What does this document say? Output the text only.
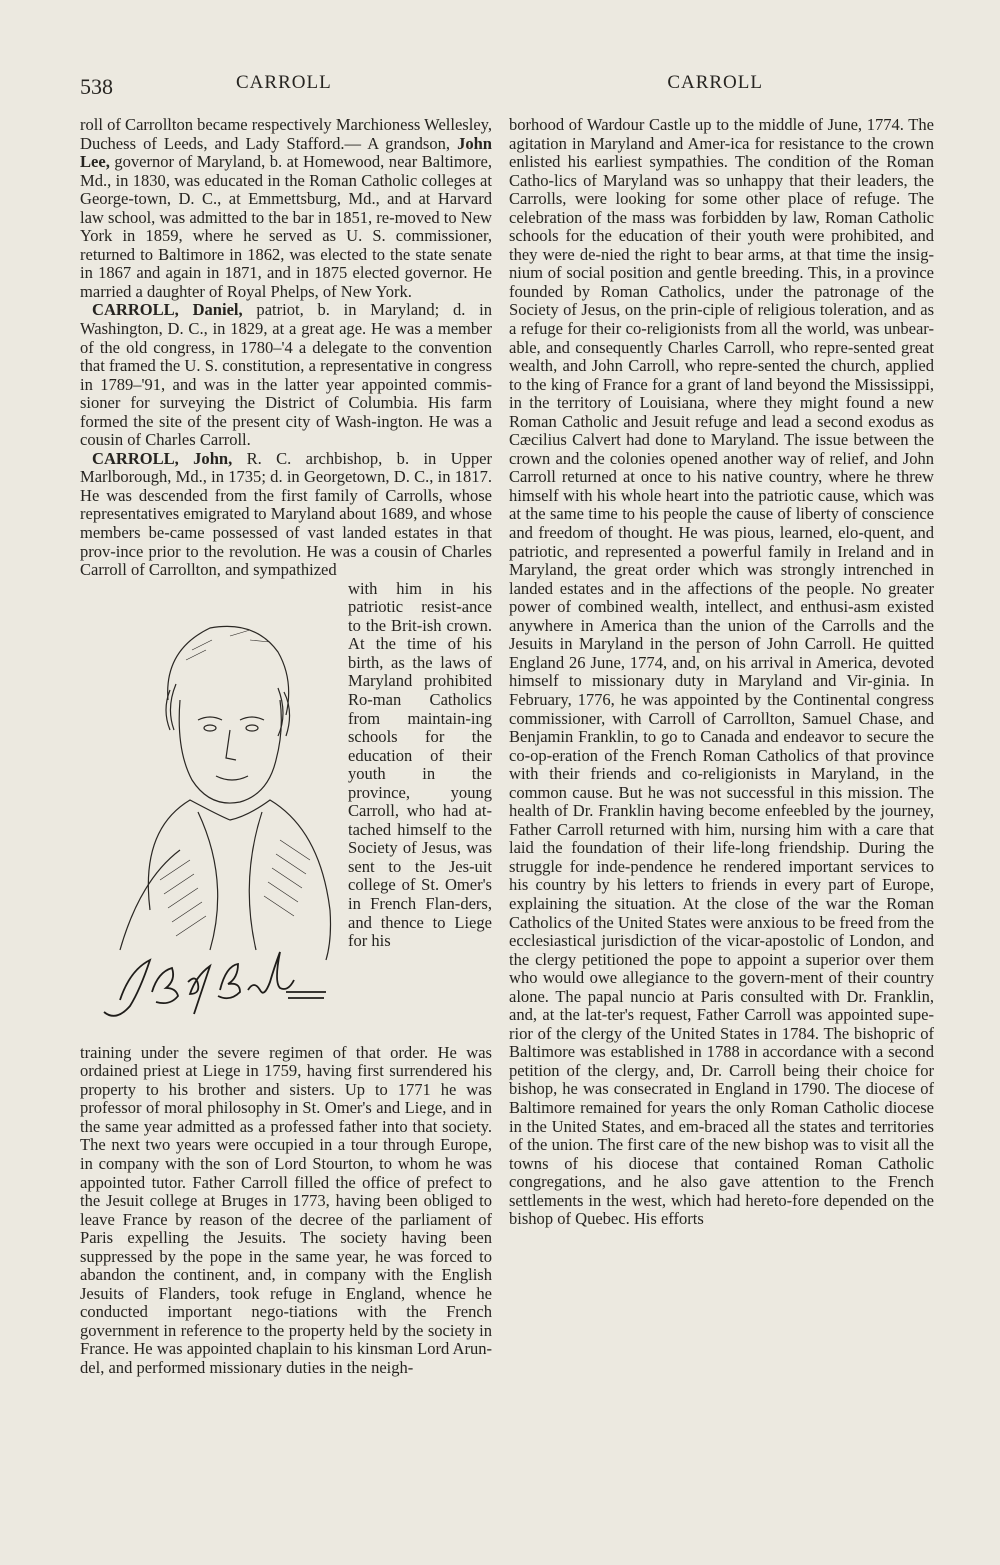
538	CARROLL	CARROLL

roll of Carrollton became respectively Marchioness Wellesley, Duchess of Leeds, and Lady Stafford.— A grandson, John Lee, governor of Maryland, b. at Homewood, near Baltimore, Md., in 1830, was educated in the Roman Catholic colleges at George-town, D. C., at Emmettsburg, Md., and at Harvard law school, was admitted to the bar in 1851, re-moved to New York in 1859, where he served as U. S. commissioner, returned to Baltimore in 1862, was elected to the state senate in 1867 and again in 1871, and in 1875 elected governor. He married a daughter of Royal Phelps, of New York.

CARROLL, Daniel, patriot, b. in Maryland; d. in Washington, D. C., in 1829, at a great age. He was a member of the old congress, in 1780–'4 a delegate to the convention that framed the U. S. constitution, a representative in congress in 1789–'91, and was in the latter year appointed commis-sioner for surveying the District of Columbia. His farm formed the site of the present city of Wash-ington. He was a cousin of Charles Carroll.

CARROLL, John, R. C. archbishop, b. in Upper Marlborough, Md., in 1735; d. in Georgetown, D. C., in 1817. He was descended from the first family of Carrolls, whose representatives emigrated to Maryland about 1689, and whose members be-came possessed of vast landed estates in that prov-ince prior to the revolution. He was a cousin of Charles Carroll of Carrollton, and sympathized

with him in his patriotic resist-ance to the Brit-ish crown. At the time of his birth, as the laws of Maryland prohibited Ro-man Catholics from maintain-ing schools for the education of their youth in the province, young Carroll, who had at-tached himself to the Society of Jesus, was sent to the Jes-uit college of St. Omer's in French Flan-ders, and thence to Liege for his

training under the severe regimen of that order. He was ordained priest at Liege in 1759, having first surrendered his property to his brother and sisters. Up to 1771 he was professor of moral philosophy in St. Omer's and Liege, and in the same year admitted as a professed father into that society. The next two years were occupied in a tour through Europe, in company with the son of Lord Stourton, to whom he was appointed tutor. Father Carroll filled the office of prefect to the Jesuit college at Bruges in 1773, having been obliged to leave France by reason of the decree of the parliament of Paris expelling the Jesuits. The society having been suppressed by the pope in the same year, he was forced to abandon the continent, and, in company with the English Jesuits of Flanders, took refuge in England, whence he conducted important nego-tiations with the French government in reference to the property held by the society in France. He was appointed chaplain to his kinsman Lord Arun-del, and performed missionary duties in the neigh-

borhood of Wardour Castle up to the middle of June, 1774. The agitation in Maryland and Amer-ica for resistance to the crown enlisted his earliest sympathies. The condition of the Roman Catho-lics of Maryland was so unhappy that their leaders, the Carrolls, were looking for some other place of refuge. The celebration of the mass was forbidden by law, Roman Catholic schools for the education of their youth were prohibited, and they were de-nied the right to bear arms, at that time the insig-nium of social position and gentle breeding. This, in a province founded by Roman Catholics, under the patronage of the Society of Jesus, on the prin-ciple of religious toleration, and as a refuge for their co-religionists from all the world, was unbear-able, and consequently Charles Carroll, who repre-sented great wealth, and John Carroll, who repre-sented the church, applied to the king of France for a grant of land beyond the Mississippi, in the territory of Louisiana, where they might found a new Roman Catholic and Jesuit refuge and lead a second exodus as Cæcilius Calvert had done to Maryland. The issue between the crown and the colonies opened another way of relief, and John Carroll returned at once to his native country, where he threw himself with his whole heart into the patriotic cause, which was at the same time to his people the cause of liberty of conscience and freedom of thought. He was pious, learned, elo-quent, and patriotic, and represented a powerful family in Ireland and in Maryland, the great order which was strongly intrenched in landed estates and in the affections of the people. No greater power of combined wealth, intellect, and enthusi-asm existed anywhere in America than the union of the Carrolls and the Jesuits in Maryland in the person of John Carroll. He quitted England 26 June, 1774, and, on his arrival in America, devoted himself to missionary duty in Maryland and Vir-ginia. In February, 1776, he was appointed by the Continental congress commissioner, with Carroll of Carrollton, Samuel Chase, and Benjamin Franklin, to go to Canada and endeavor to secure the co-op-eration of the French Roman Catholics of that province with their friends and co-religionists in Maryland, in the common cause. But he was not successful in this mission. The health of Dr. Franklin having become enfeebled by the journey, Father Carroll returned with him, nursing him with a care that laid the foundation of their life-long friendship. During the struggle for inde-pendence he rendered important services to his country by his letters to friends in every part of Europe, explaining the situation. At the close of the war the Roman Catholics of the United States were anxious to be freed from the ecclesiastical jurisdiction of the vicar-apostolic of London, and the clergy petitioned the pope to appoint a superior over them who would owe allegiance to the govern-ment of their country alone. The papal nuncio at Paris consulted with Dr. Franklin, and, at the lat-ter's request, Father Carroll was appointed supe-rior of the clergy of the United States in 1784. The bishopric of Baltimore was established in 1788 in accordance with a second petition of the clergy, and, Dr. Carroll being their choice for bishop, he was consecrated in England in 1790. The diocese of Baltimore remained for years the only Roman Catholic diocese in the United States, and em-braced all the states and territories of the union. The first care of the new bishop was to visit all the towns of his diocese that contained Roman Catholic congregations, and he also gave attention to the French settlements in the west, which had hereto-fore depended on the bishop of Quebec. His efforts
